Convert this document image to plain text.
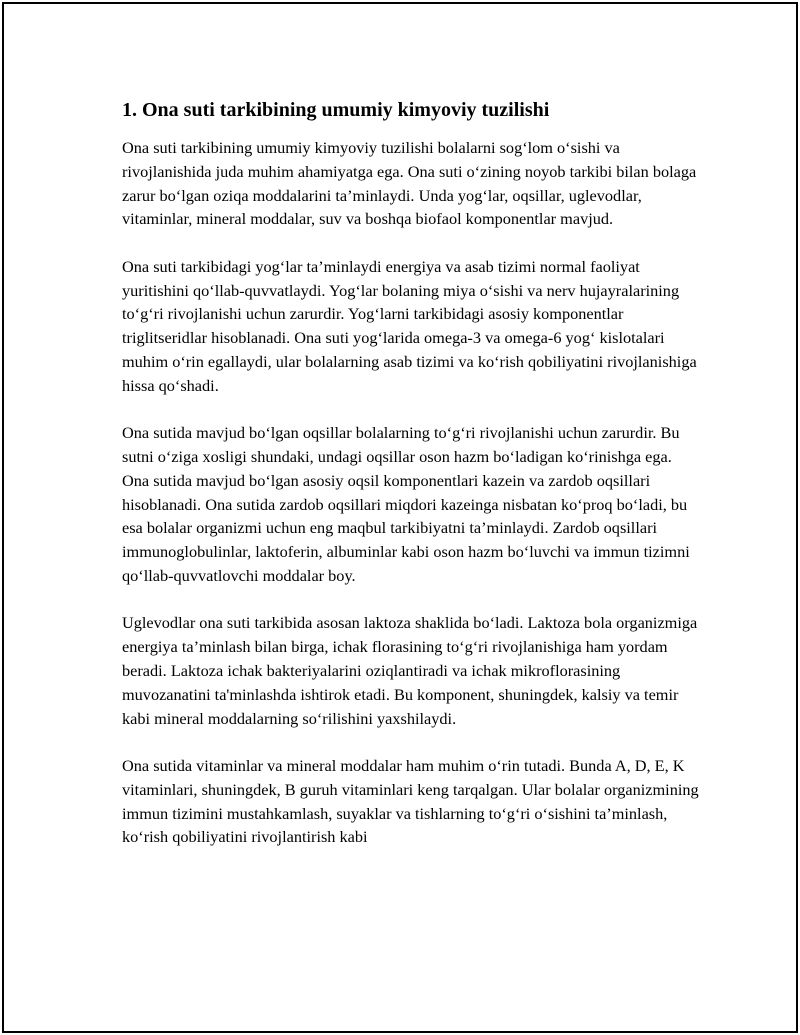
1. Ona suti tarkibining umumiy kimyoviy tuzilishi

Ona suti tarkibining umumiy kimyoviy tuzilishi bolalarni sog‘lom o‘sishi va rivojlanishida juda muhim ahamiyatga ega. Ona suti o‘zining noyob tarkibi bilan bolaga zarur bo‘lgan oziqa moddalarini ta’minlaydi. Unda yog‘lar, oqsillar, uglevodlar, vitaminlar, mineral moddalar, suv va boshqa biofaol komponentlar mavjud.

Ona suti tarkibidagi yog‘lar ta’minlaydi energiya va asab tizimi normal faoliyat yuritishini qo‘llab-quvvatlaydi. Yog‘lar bolaning miya o‘sishi va nerv hujayralarining to‘g‘ri rivojlanishi uchun zarurdir. Yog‘larni tarkibidagi asosiy komponentlar triglitseridlar hisoblanadi. Ona suti yog‘larida omega-3 va omega-6 yog‘ kislotalari muhim o‘rin egallaydi, ular bolalarning asab tizimi va ko‘rish qobiliyatini rivojlanishiga hissa qo‘shadi.

Ona sutida mavjud bo‘lgan oqsillar bolalarning to‘g‘ri rivojlanishi uchun zarurdir. Bu sutni o‘ziga xosligi shundaki, undagi oqsillar oson hazm bo‘ladigan ko‘rinishga ega. Ona sutida mavjud bo‘lgan asosiy oqsil komponentlari kazein va zardob oqsillari hisoblanadi. Ona sutida zardob oqsillari miqdori kazeinga nisbatan ko‘proq bo‘ladi, bu esa bolalar organizmi uchun eng maqbul tarkibiyatni ta’minlaydi. Zardob oqsillari immunoglobulinlar, laktoferin, albuminlar kabi oson hazm bo‘luvchi va immun tizimni qo‘llab-quvvatlovchi moddalar boy.

Uglevodlar ona suti tarkibida asosan laktoza shaklida bo‘ladi. Laktoza bola organizmiga energiya ta’minlash bilan birga, ichak florasining to‘g‘ri rivojlanishiga ham yordam beradi. Laktoza ichak bakteriyalarini oziqlantiradi va ichak mikroflorasining muvozanatini ta'minlashda ishtirok etadi. Bu komponent, shuningdek, kalsiy va temir kabi mineral moddalarning so‘rilishini yaxshilaydi.

Ona sutida vitaminlar va mineral moddalar ham muhim o‘rin tutadi. Bunda A, D, E, K vitaminlari, shuningdek, B guruh vitaminlari keng tarqalgan. Ular bolalar organizmining immun tizimini mustahkamlash, suyaklar va tishlarning to‘g‘ri o‘sishini ta’minlash, ko‘rish qobiliyatini rivojlantirish kabi
